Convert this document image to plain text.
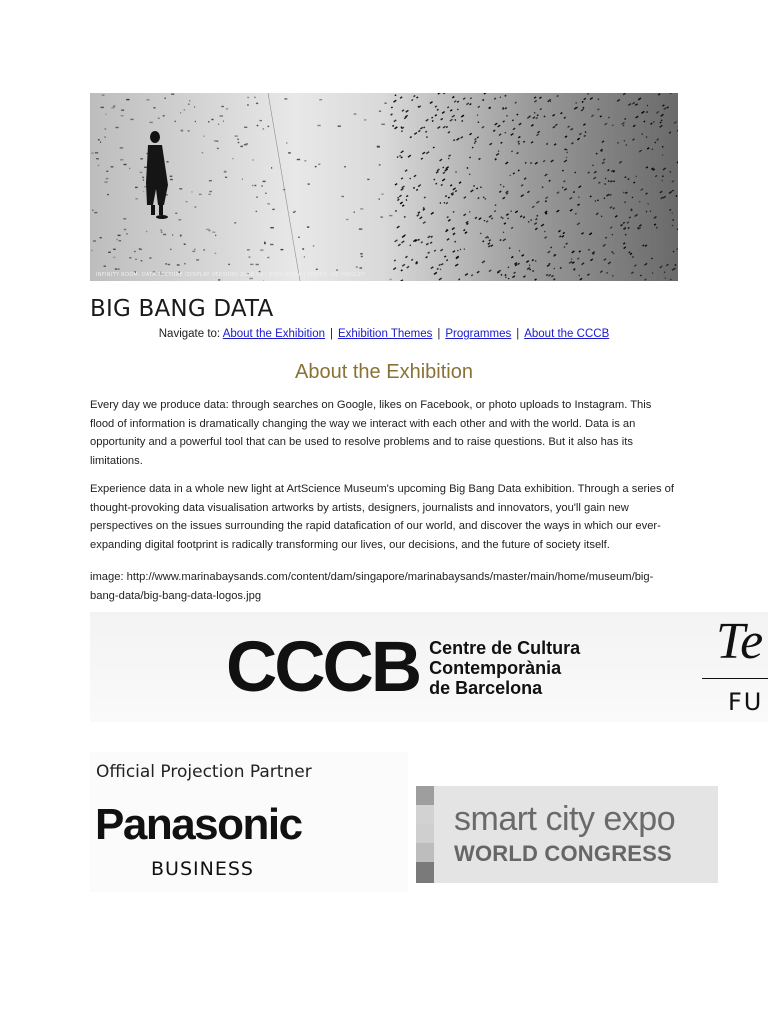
INFINITY ROOM: DATA.TECTURE (DISPLAY VERSION) 2008-09 | RYOJI IKEDA | PHOTO: LIZ HINGLEY
BIG BANG DATA
Navigate to: About the Exhibition | Exhibition Themes | Programmes | About the CCCB
About the Exhibition

Every day we produce data: through searches on Google, likes on Facebook, or photo uploads to Instagram. This flood of information is dramatically changing the way we interact with each other and with the world. Data is an opportunity and a powerful tool that can be used to resolve problems and to raise questions. But it also has its limitations.

Experience data in a whole new light at ArtScience Museum's upcoming Big Bang Data exhibition. Through a series of thought-provoking data visualisation artworks by artists, designers, journalists and innovators, you'll gain new perspectives on the issues surrounding the rapid datafication of our world, and discover the ways in which our ever-expanding digital footprint is radically transforming our lives, our decisions, and the future of society itself.

image: http://www.marinabaysands.com/content/dam/singapore/marinabaysands/master/main/home/museum/big-bang-data/big-bang-data-logos.jpg

CCCB Centre de Cultura
Contemporània
de Barcelona
Te
FU
Official Projection Partner
Panasonic
BUSINESS
smart city expo
WORLD CONGRESS
